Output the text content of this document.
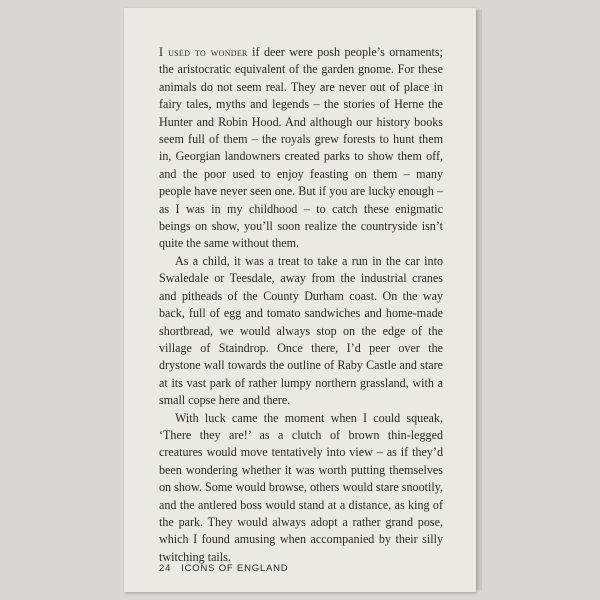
I used to wonder if deer were posh people’s ornaments; the aristocratic equivalent of the garden gnome. For these animals do not seem real. They are never out of place in fairy tales, myths and legends – the stories of Herne the Hunter and Robin Hood. And although our history books seem full of them – the royals grew forests to hunt them in, Georgian landowners created parks to show them off, and the poor used to enjoy feasting on them – many people have never seen one. But if you are lucky enough – as I was in my childhood – to catch these enigmatic beings on show, you’ll soon realize the countryside isn’t quite the same without them.

As a child, it was a treat to take a run in the car into Swaledale or Teesdale, away from the industrial cranes and pitheads of the County Durham coast. On the way back, full of egg and tomato sandwiches and home-made shortbread, we would always stop on the edge of the village of Staindrop. Once there, I’d peer over the drystone wall towards the outline of Raby Castle and stare at its vast park of rather lumpy northern grassland, with a small copse here and there.

With luck came the moment when I could squeak, ‘There they are!’ as a clutch of brown thin-legged creatures would move tentatively into view – as if they’d been wondering whether it was worth putting themselves on show. Some would browse, others would stare snootily, and the antlered boss would stand at a distance, as king of the park. They would always adopt a rather grand pose, which I found amusing when accompanied by their silly twitching tails.

24 ICONS OF ENGLAND
